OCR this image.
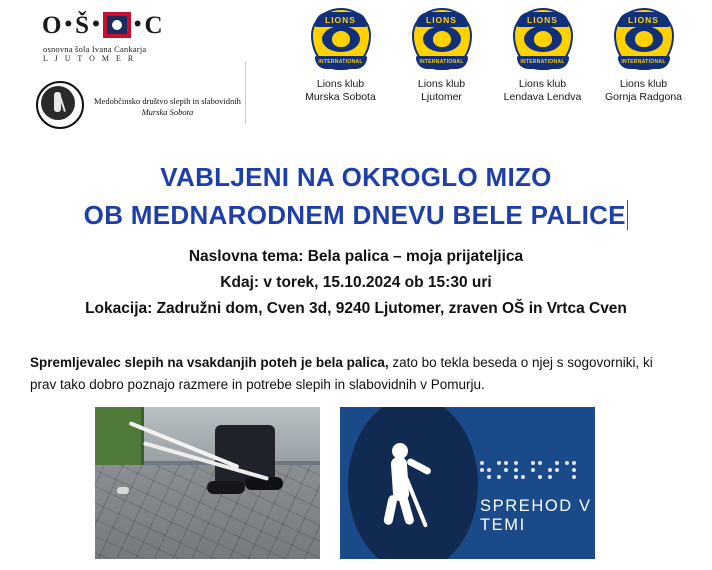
O • Š • • C
osnovna šola Ivana Cankarja
L J U T O M E R
Medobčinsko društvo slepih in slabovidnih
Murska Sobota
LIONS
INTERNATIONAL
Lions klub
Murska Sobota
LIONS
INTERNATIONAL
Lions klub
Ljutomer
LIONS
INTERNATIONAL
Lions klub
Lendava Lendva
LIONS
INTERNATIONAL
Lions klub
Gornja Radgona
VABLJENI NA OKROGLO MIZO
OB MEDNARODNEM DNEVU BELE PALICE
Naslovna tema: Bela palica – moja prijateljica
Kdaj: v torek, 15.10.2024 ob 15:30 uri
Lokacija: Zadružni dom, Cven 3d, 9240 Ljutomer, zraven OŠ in Vrtca Cven
Spremljevalec slepih na vsakdanjih poteh je bela palica, zato bo tekla beseda o njej s sogovorniki, ki prav tako dobro poznajo razmere in potrebe slepih in slabovidnih v Pomurju.
SPREHOD V TEMI
